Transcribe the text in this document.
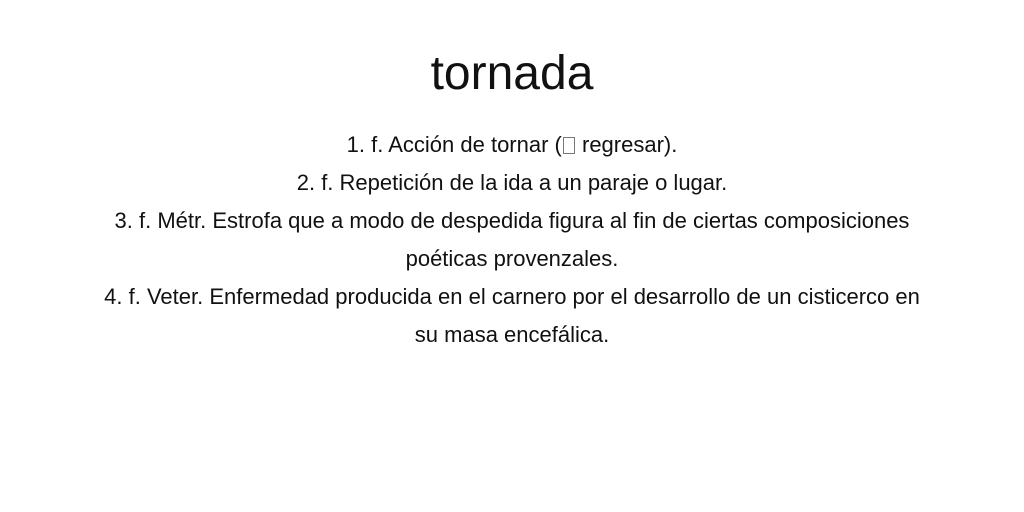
tornada
1. f. Acción de tornar ( regresar).
2. f. Repetición de la ida a un paraje o lugar.
3. f. Métr. Estrofa que a modo de despedida figura al fin de ciertas composiciones poéticas provenzales.
4. f. Veter. Enfermedad producida en el carnero por el desarrollo de un cisticerco en su masa encefálica.
